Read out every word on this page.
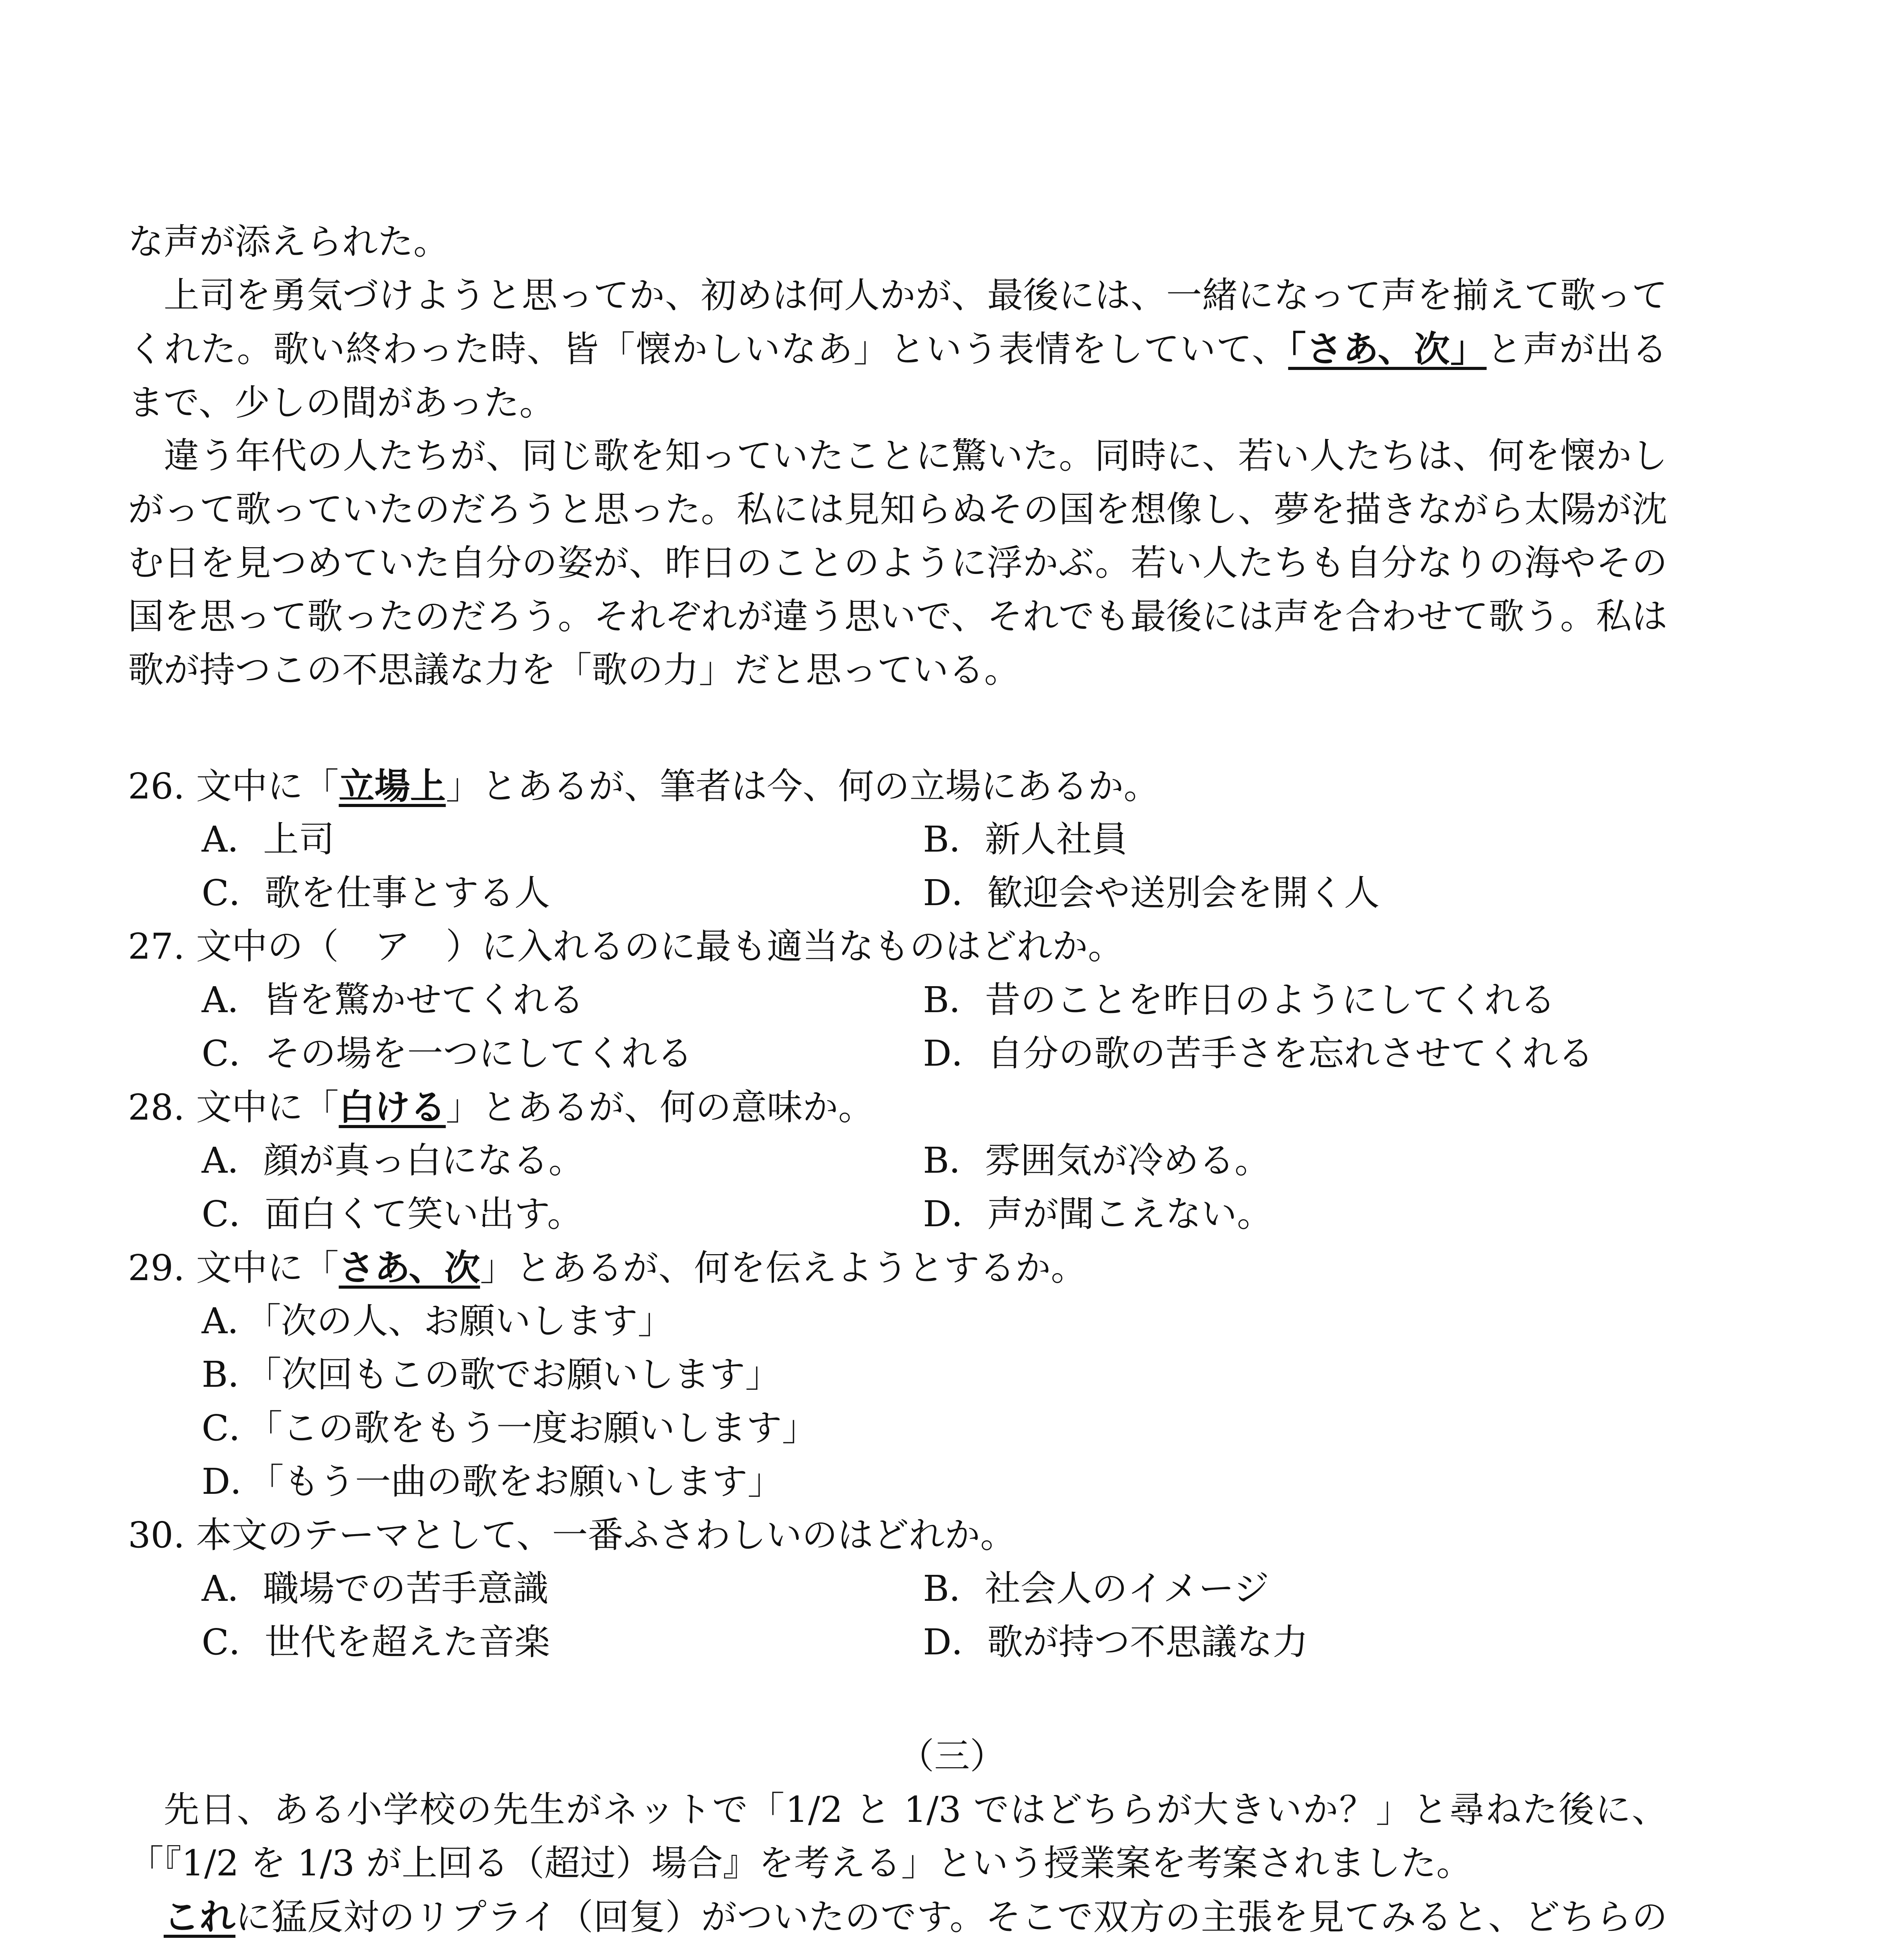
な声が添えられた。

上司を勇気づけようと思ってか、初めは何人かが、最後には、一緒になって声を揃えて歌ってくれた。歌い終わった時、皆「懐かしいなあ」という表情をしていて、「さあ、次」と声が出るまで、少しの間があった。

違う年代の人たちが、同じ歌を知っていたことに驚いた。同時に、若い人たちは、何を懐かしがって歌っていたのだろうと思った。私には見知らぬその国を想像し、夢を描きながら太陽が沈む日を見つめていた自分の姿が、昨日のことのように浮かぶ。若い人たちも自分なりの海やその国を思って歌ったのだろう。それぞれが違う思いで、それでも最後には声を合わせて歌う。私は歌が持つこの不思議な力を「歌の力」だと思っている。

26. 文中に「立場上」とあるが、筆者は今、何の立場にあるか。
A．上司	B．新人社員
C．歌を仕事とする人	D．歓迎会や送別会を開く人
27. 文中の（　ア　）に入れるのに最も適当なものはどれか。
A．皆を驚かせてくれる	B．昔のことを昨日のようにしてくれる
C．その場を一つにしてくれる	D．自分の歌の苦手さを忘れさせてくれる
28. 文中に「白ける」とあるが、何の意味か。
A．顔が真っ白になる。	B．雰囲気が冷める。
C．面白くて笑い出す。	D．声が聞こえない。
29. 文中に「さあ、次」とあるが、何を伝えようとするか。
A．「次の人、お願いします」
B．「次回もこの歌でお願いします」
C．「この歌をもう一度お願いします」
D．「もう一曲の歌をお願いします」
30. 本文のテーマとして、一番ふさわしいのはどれか。
A．職場での苦手意識	B．社会人のイメージ
C．世代を超えた音楽	D．歌が持つ不思議な力
（三）

先日、ある小学校の先生がネットで「1/2 と 1/3 ではどちらが大きいか？」と尋ねた後に、「『1/2 を 1/3 が上回る（超过）場合』を考える」という授業案を考案されました。

これに猛反対のリプライ（回复）がついたのです。そこで双方の主張を見てみると、どちらの
